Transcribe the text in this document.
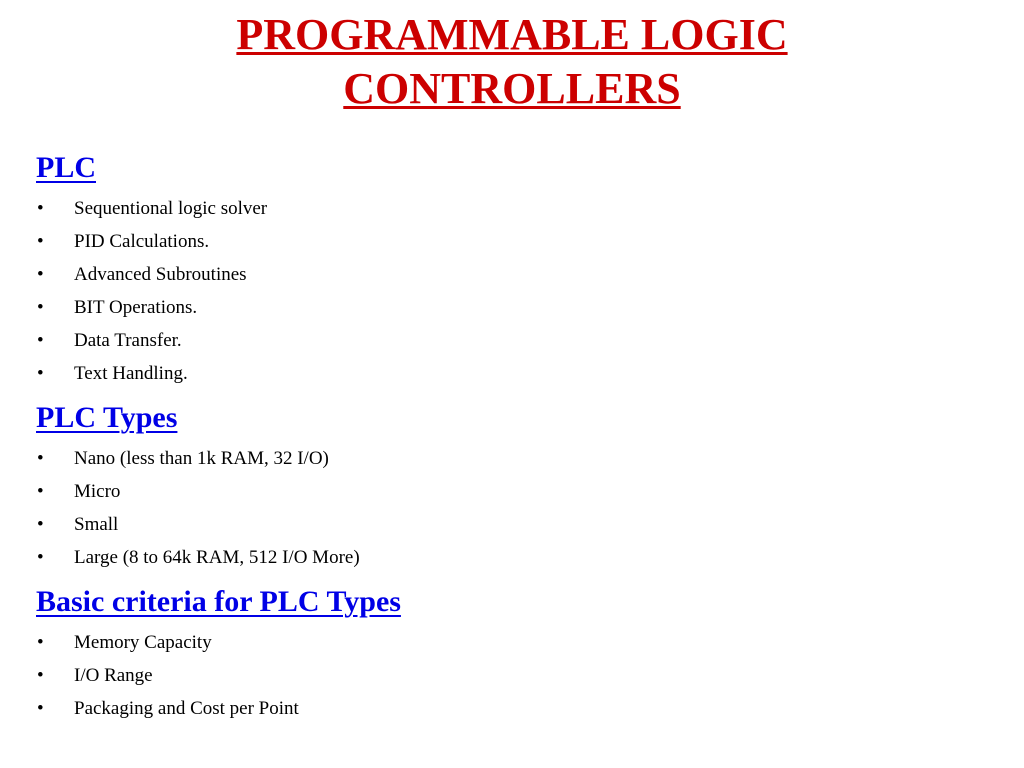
PROGRAMMABLE LOGIC
CONTROLLERS
PLC
• Sequentional logic solver
• PID Calculations.
• Advanced Subroutines
• BIT Operations.
• Data Transfer.
• Text Handling.
PLC Types
• Nano (less than 1k RAM, 32 I/O)
• Micro
• Small
• Large (8 to 64k RAM, 512 I/O More)
Basic criteria for PLC Types
• Memory Capacity
• I/O Range
• Packaging and Cost per Point
